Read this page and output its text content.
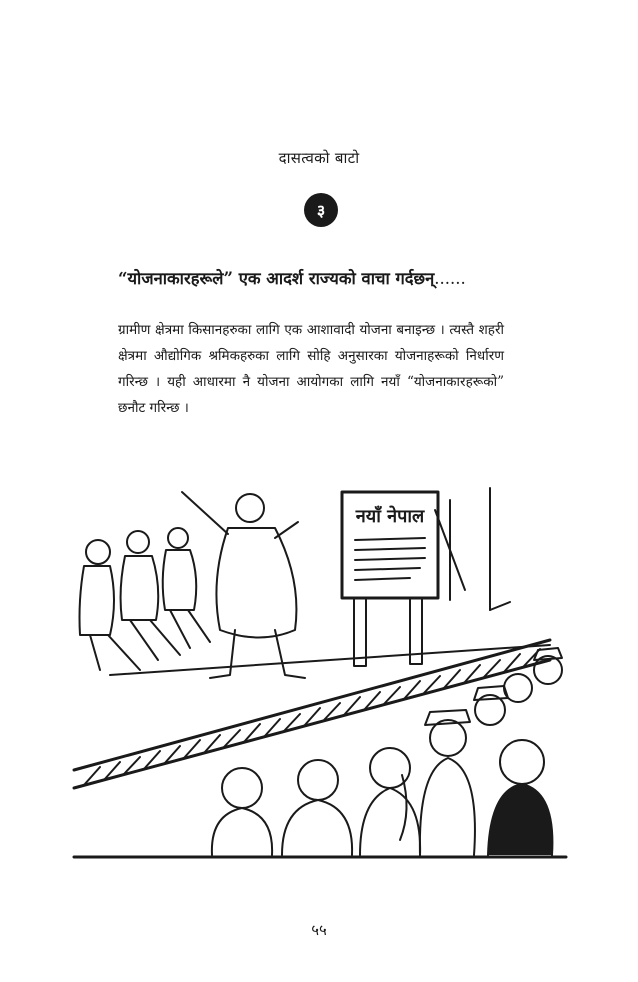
दासत्वको बाटो
३
“योजनाकारहरूले” एक आदर्श राज्यको वाचा गर्दछन्......
ग्रामीण क्षेत्रमा किसानहरुका लागि एक आशावादी योजना बनाइन्छ । त्यस्तै शहरी क्षेत्रमा औद्योगिक श्रमिकहरुका लागि सोहि अनुसारका योजनाहरूको निर्धारण गरिन्छ । यही आधारमा नै योजना आयोगका लागि नयाँ “योजनाकारहरूको” छनौट गरिन्छ ।
नयाँ नेपाल
५५
